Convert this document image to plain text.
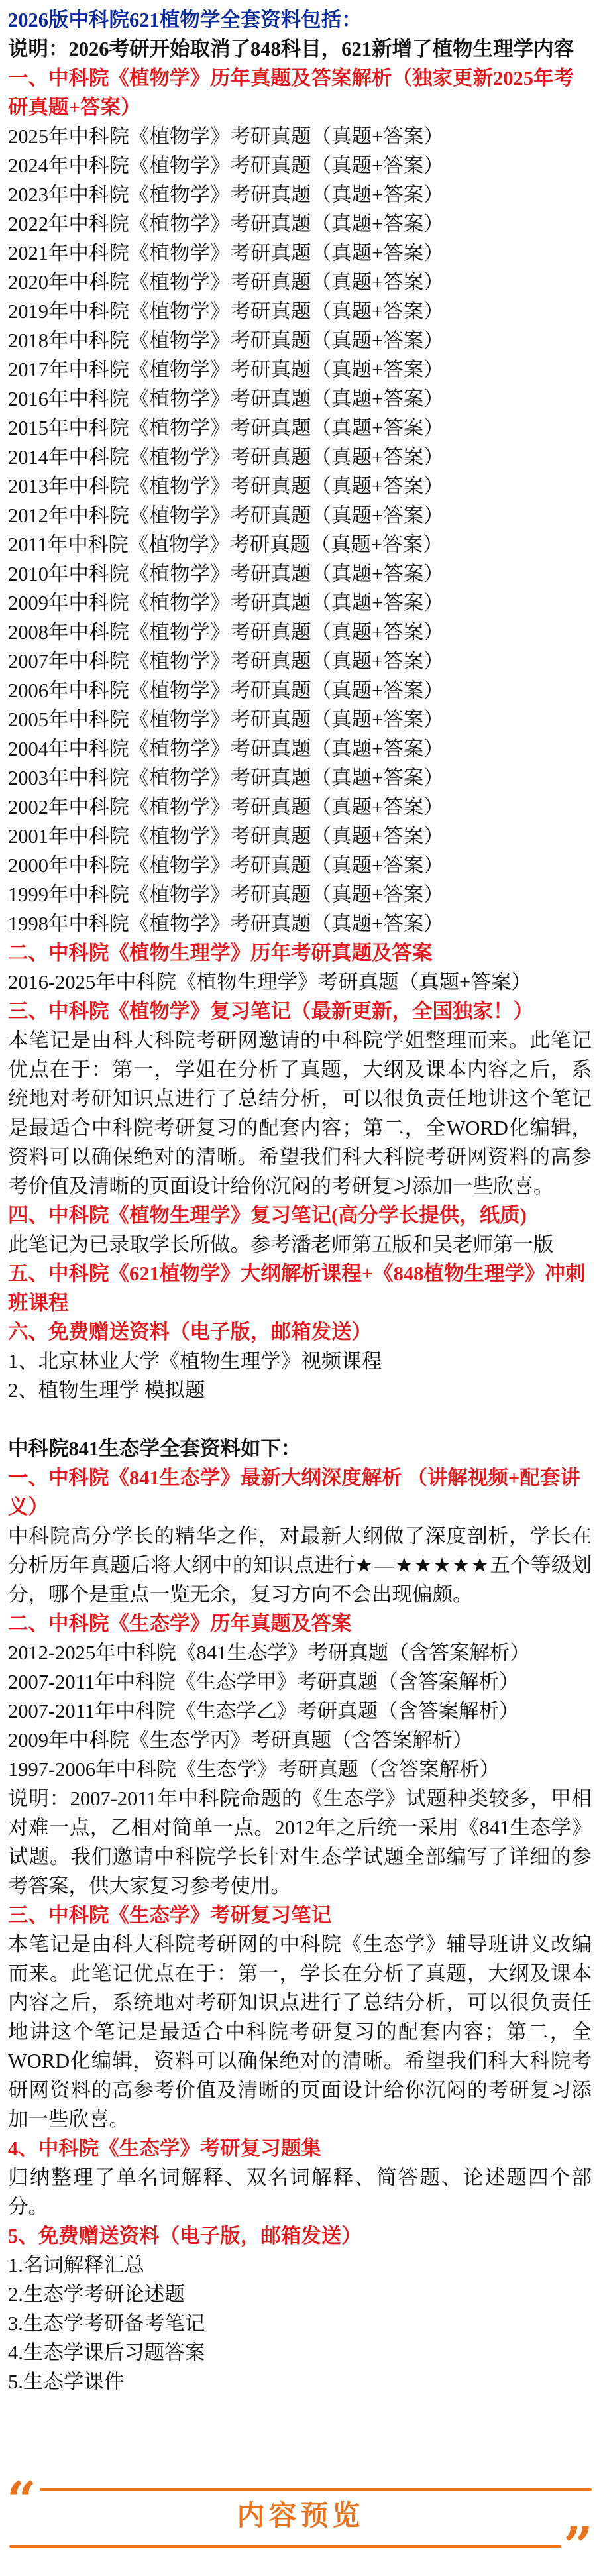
2026版中科院621植物学全套资料包括：
说明：2026考研开始取消了848科目，621新增了植物生理学内容
一、中科院《植物学》历年真题及答案解析（独家更新2025年考研真题+答案）
2025年中科院《植物学》考研真题（真题+答案）
2024年中科院《植物学》考研真题（真题+答案）
2023年中科院《植物学》考研真题（真题+答案）
2022年中科院《植物学》考研真题（真题+答案）
2021年中科院《植物学》考研真题（真题+答案）
2020年中科院《植物学》考研真题（真题+答案）
2019年中科院《植物学》考研真题（真题+答案）
2018年中科院《植物学》考研真题（真题+答案）
2017年中科院《植物学》考研真题（真题+答案）
2016年中科院《植物学》考研真题（真题+答案）
2015年中科院《植物学》考研真题（真题+答案）
2014年中科院《植物学》考研真题（真题+答案）
2013年中科院《植物学》考研真题（真题+答案）
2012年中科院《植物学》考研真题（真题+答案）
2011年中科院《植物学》考研真题（真题+答案）
2010年中科院《植物学》考研真题（真题+答案）
2009年中科院《植物学》考研真题（真题+答案）
2008年中科院《植物学》考研真题（真题+答案）
2007年中科院《植物学》考研真题（真题+答案）
2006年中科院《植物学》考研真题（真题+答案）
2005年中科院《植物学》考研真题（真题+答案）
2004年中科院《植物学》考研真题（真题+答案）
2003年中科院《植物学》考研真题（真题+答案）
2002年中科院《植物学》考研真题（真题+答案）
2001年中科院《植物学》考研真题（真题+答案）
2000年中科院《植物学》考研真题（真题+答案）
1999年中科院《植物学》考研真题（真题+答案）
1998年中科院《植物学》考研真题（真题+答案）
二、中科院《植物生理学》历年考研真题及答案
2016-2025年中科院《植物生理学》考研真题（真题+答案）
三、中科院《植物学》复习笔记（最新更新，全国独家！）
本笔记是由科大科院考研网邀请的中科院学姐整理而来。此笔记优点在于：第一，学姐在分析了真题，大纲及课本内容之后，系统地对考研知识点进行了总结分析，可以很负责任地讲这个笔记是最适合中科院考研复习的配套内容；第二，全WORD化编辑，资料可以确保绝对的清晰。希望我们科大科院考研网资料的高参考价值及清晰的页面设计给你沉闷的考研复习添加一些欣喜。
四、中科院《植物生理学》复习笔记(高分学长提供，纸质)
此笔记为已录取学长所做。参考潘老师第五版和吴老师第一版
五、中科院《621植物学》大纲解析课程+《848植物生理学》冲刺班课程
六、免费赠送资料（电子版，邮箱发送）
1、北京林业大学《植物生理学》视频课程
2、植物生理学 模拟题
中科院841生态学全套资料如下：
一、中科院《841生态学》最新大纲深度解析 （讲解视频+配套讲义）
中科院高分学长的精华之作，对最新大纲做了深度剖析，学长在分析历年真题后将大纲中的知识点进行★—★★★★★五个等级划分，哪个是重点一览无余，复习方向不会出现偏颇。
二、中科院《生态学》历年真题及答案
2012-2025年中科院《841生态学》考研真题（含答案解析）
2007-2011年中科院《生态学甲》考研真题（含答案解析）
2007-2011年中科院《生态学乙》考研真题（含答案解析）
2009年中科院《生态学丙》考研真题（含答案解析）
1997-2006年中科院《生态学》考研真题（含答案解析）
说明：2007-2011年中科院命题的《生态学》试题种类较多，甲相对难一点，乙相对简单一点。2012年之后统一采用《841生态学》试题。我们邀请中科院学长针对生态学试题全部编写了详细的参考答案，供大家复习参考使用。
三、中科院《生态学》考研复习笔记
本笔记是由科大科院考研网的中科院《生态学》辅导班讲义改编而来。此笔记优点在于：第一，学长在分析了真题，大纲及课本内容之后，系统地对考研知识点进行了总结分析，可以很负责任地讲这个笔记是最适合中科院考研复习的配套内容；第二，全WORD化编辑，资料可以确保绝对的清晰。希望我们科大科院考研网资料的高参考价值及清晰的页面设计给你沉闷的考研复习添加一些欣喜。
4、中科院《生态学》考研复习题集
归纳整理了单名词解释、双名词解释、简答题、论述题四个部分。
5、免费赠送资料（电子版，邮箱发送）
1.名词解释汇总
2.生态学考研论述题
3.生态学考研备考笔记
4.生态学课后习题答案
5.生态学课件
“	内容预览
”
